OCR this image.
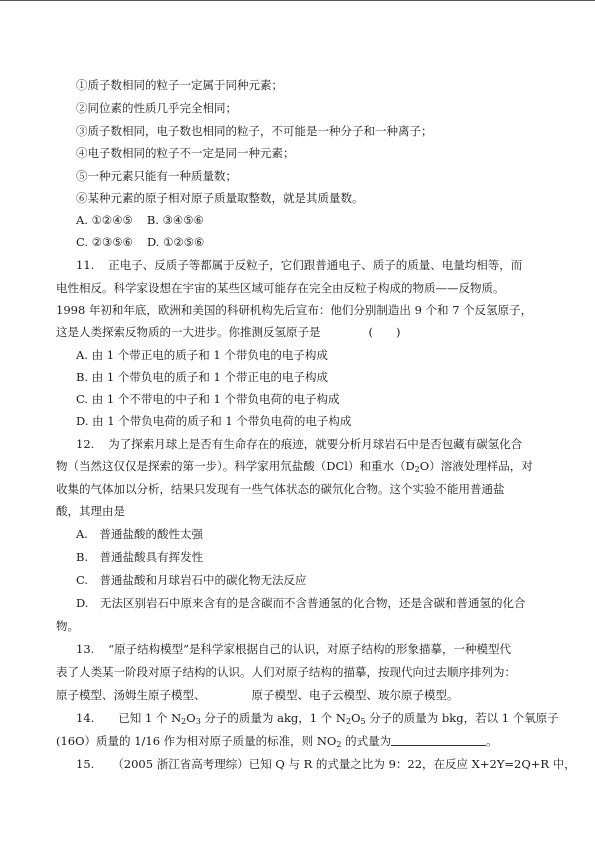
①质子数相同的粒子一定属于同种元素；
②同位素的性质几乎完全相同；
③质子数相同，电子数也相同的粒子，不可能是一种分子和一种离子；
④电子数相同的粒子不一定是同一种元素；
⑤一种元素只能有一种质量数；
⑥某种元素的原子相对原子质量取整数，就是其质量数。
A. ①②④⑤ B. ③④⑤⑥
C. ②③⑤⑥ D. ①②⑤⑥
11. 正电子、反质子等都属于反粒子，它们跟普通电子、质子的质量、电量均相等，而
电性相反。科学家设想在宇宙的某些区域可能存在完全由反粒子构成的物质——反物质。
1998 年初和年底，欧洲和美国的科研机构先后宣布：他们分别制造出 9 个和 7 个反氢原子，
这是人类探索反物质的一大进步。你推测反氢原子是	(　　)
A. 由 1 个带正电的质子和 1 个带负电的电子构成
B. 由 1 个带负电的质子和 1 个带正电的电子构成
C. 由 1 个不带电的中子和 1 个带负电荷的电子构成
D. 由 1 个带负电荷的质子和 1 个带负电荷的电子构成
12. 为了探索月球上是否有生命存在的痕迹，就要分析月球岩石中是否包藏有碳氢化合
物（当然这仅仅是探索的第一步）。科学家用氘盐酸（DCl）和重水$(D_2O)$溶液处理样品，对
收集的气体加以分析，结果只发现有一些气体状态的碳氘化合物。这个实验不能用普通盐
酸，其理由是
A.　普通盐酸的酸性太强
B.　普通盐酸具有挥发性
C.　普通盐酸和月球岩石中的碳化物无法反应
D.　无法区别岩石中原来含有的是含碳而不含普通氢的化合物，还是含碳和普通氢的化合
物。
13. “原子结构模型”是科学家根据自己的认识，对原子结构的形象描摹，一种模型代
表了人类某一阶段对原子结构的认识。人们对原子结构的描摹，按现代向过去顺序排列为：
原子模型、汤姆生原子模型、	原子模型、电子云模型、玻尔原子模型。
14. 已知 1 个 $N_2O_3$ 分子的质量为 akg，1 个 $N_2O_5$ 分子的质量为 bkg，若以 1 个氧原子
(16O）质量的 1/16 作为相对原子质量的标准，则 $NO_2$ 的式量为	。
15. （2005 浙江省高考理综）已知 Q 与 R 的式量之比为 9：22，在反应 X+2Y=2Q+R 中，
